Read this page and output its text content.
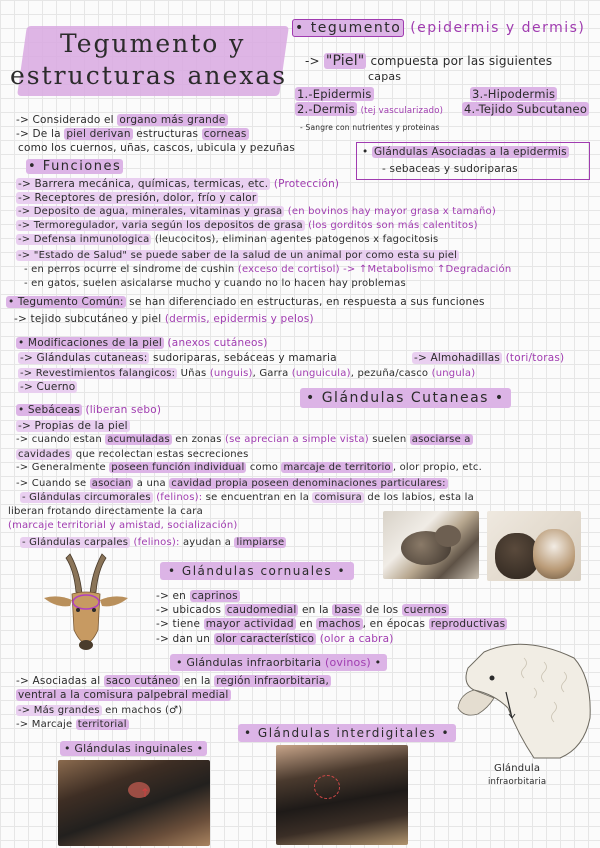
Tegumento y
estructuras anexas
• tegumento (epidermis y dermis)
-> "Piel" compuesta por las siguientes
capas
1.-Epidermis	3.-Hipodermis
2.-Dermis (tej vascularizado) 4.-Tejido Subcutaneo
- Sangre con nutrientes y proteinas
• Glándulas Asociadas a la epidermis
- sebaceas y sudoriparas
-> Considerado el organo más grande
-> De la piel derivan estructuras corneas
como los cuernos, uñas, cascos, ubicula y pezuñas
• Funciones
-> Barrera mecánica, químicas, termicas, etc. (Protección)
-> Receptores de presión, dolor, frío y calor
-> Deposito de agua, minerales, vitaminas y grasa (en bovinos hay mayor grasa x tamaño)
-> Termoregulador, varia según los depositos de grasa (los gorditos son más calentitos)
-> Defensa inmunologica (leucocitos), eliminan agentes patogenos x fagocitosis
-> "Estado de Salud" se puede saber de la salud de un animal por como esta su piel
- en perros ocurre el sindrome de cushin (exceso de cortisol) -> ↑Metabolismo ↑Degradación
- en gatos, suelen asicalarse mucho y cuando no lo hacen hay problemas
• Tegumento Común: se han diferenciado en estructuras, en respuesta a sus funciones
-> tejido subcutáneo y piel (dermis, epidermis y pelos)
• Modificaciones de la piel (anexos cutáneos)
-> Glándulas cutaneas: sudoriparas, sebáceas y mamaria	-> Almohadillas (tori/toras)
-> Revestimientos falangicos: Uñas (unguis), Garra (unguicula), pezuña/casco (ungula)
-> Cuerno
• Glándulas Cutaneas •
• Sebáceas (liberan sebo)
-> Propias de la piel
-> cuando estan acumuladas en zonas (se aprecian a simple vista) suelen asociarse a
cavidades que recolectan estas secreciones
-> Generalmente poseen función individual como marcaje de territorio , olor propio, etc.
-> Cuando se asocian a una cavidad propia poseen denominaciones particulares:
- Glándulas circumorales (felinos): se encuentran en la comisura de los labios, esta la
liberan frotando directamente la cara
(marcaje territorial y amistad, socialización)
- Glándulas carpales (felinos): ayudan a limpiarse
• Glándulas cornuales •
-> en caprinos
-> ubicados caudomedial en la base de los cuernos
-> tiene mayor actividad en machos , en épocas reproductivas
-> dan un olor característico (olor a cabra)
• Glándulas infraorbitaria (ovinos) •
-> Asociadas al saco cutáneo en la región infraorbitaria,
ventral a la comisura palpebral medial
-> Más grandes en machos (♂)
-> Marcaje territorial
Glándula
infraorbitaria
• Glándulas interdigitales •
• Glándulas inguinales •
↑
